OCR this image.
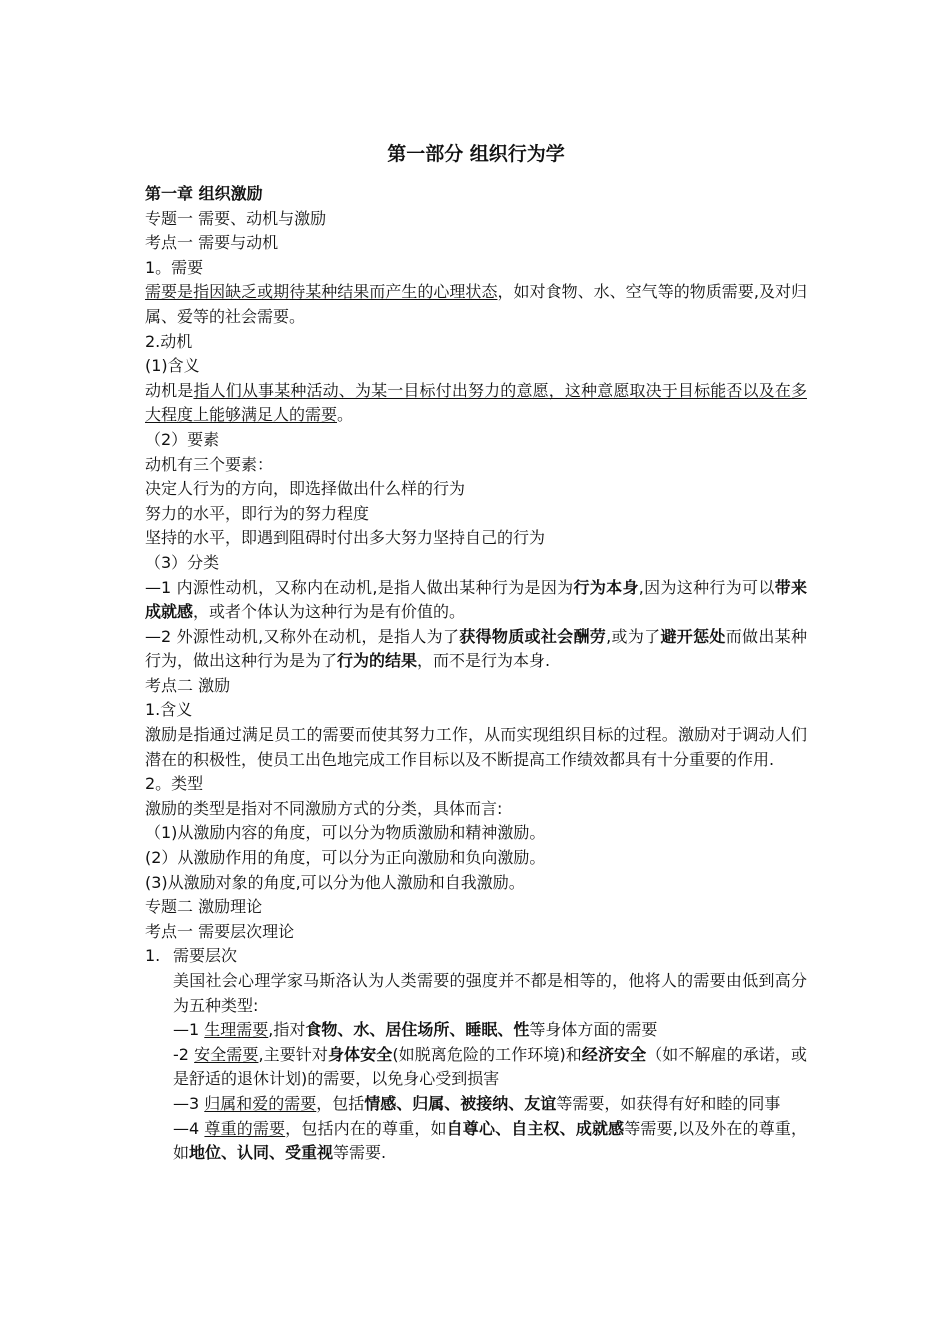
第一部分 组织行为学

第一章 组织激励

专题一 需要、动机与激励

考点一 需要与动机

1。需要

需要是指因缺乏或期待某种结果而产生的心理状态，如对食物、水、空气等的物质需要,及对归属、爱等的社会需要。

2.动机

(1)含义

动机是指人们从事某种活动、为某一目标付出努力的意愿，这种意愿取决于目标能否以及在多大程度上能够满足人的需要。

（2）要素

动机有三个要素：

决定人行为的方向，即选择做出什么样的行为

努力的水平，即行为的努力程度

坚持的水平，即遇到阻碍时付出多大努力坚持自己的行为

（3）分类

—1 内源性动机，又称内在动机,是指人做出某种行为是因为行为本身,因为这种行为可以带来成就感，或者个体认为这种行为是有价值的。

—2 外源性动机,又称外在动机，是指人为了获得物质或社会酬劳,或为了避开惩处而做出某种行为，做出这种行为是为了行为的结果，而不是行为本身.

考点二 激励

1.含义

激励是指通过满足员工的需要而使其努力工作，从而实现组织目标的过程。激励对于调动人们潜在的积极性，使员工出色地完成工作目标以及不断提高工作绩效都具有十分重要的作用.

2。类型

激励的类型是指对不同激励方式的分类，具体而言:

（1)从激励内容的角度，可以分为物质激励和精神激励。

(2）从激励作用的角度，可以分为正向激励和负向激励。

(3)从激励对象的角度,可以分为他人激励和自我激励。

专题二 激励理论

考点一 需要层次理论

1. 需要层次

美国社会心理学家马斯洛认为人类需要的强度并不都是相等的，他将人的需要由低到高分为五种类型:

—1 生理需要,指对食物、水、居住场所、睡眠、性等身体方面的需要

-2 安全需要,主要针对身体安全(如脱离危险的工作环境)和经济安全（如不解雇的承诺，或是舒适的退休计划)的需要，以免身心受到损害

—3 归属和爱的需要，包括情感、归属、被接纳、友谊等需要，如获得有好和睦的同事

—4 尊重的需要，包括内在的尊重，如自尊心、自主权、成就感等需要,以及外在的尊重，如地位、认同、受重视等需要.
